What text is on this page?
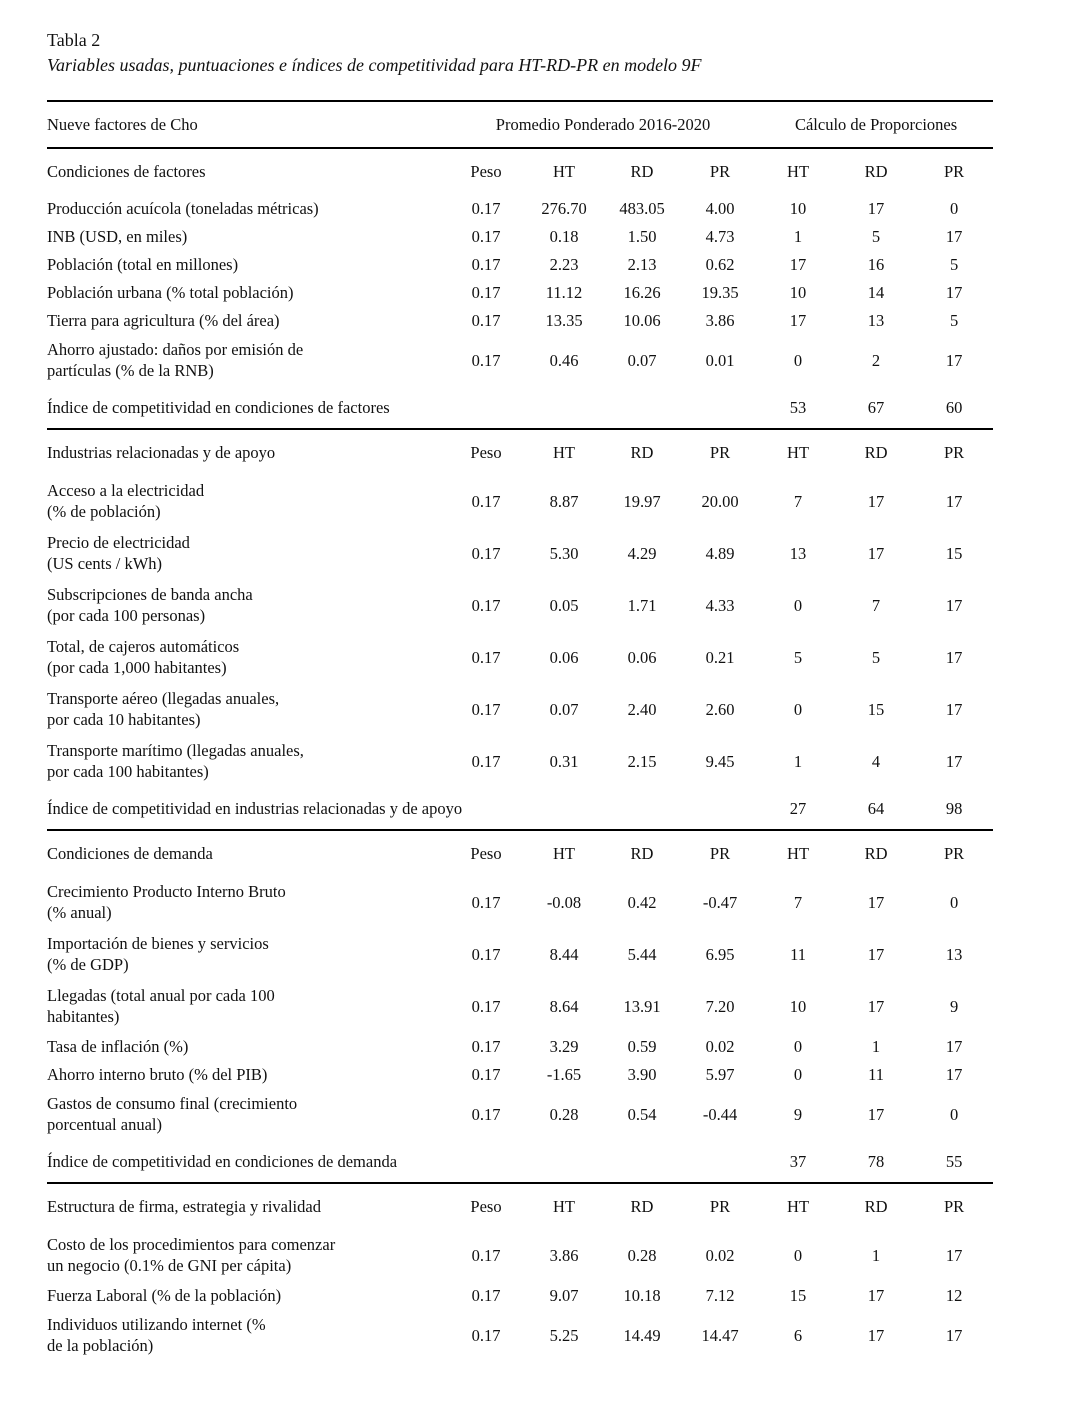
Tabla 2
Variables usadas, puntuaciones e índices de competitividad para HT-RD-PR en modelo 9F
Nueve factores de Cho	Promedio Ponderado 2016-2020				Cálculo de Proporciones		
Condiciones de factores	Peso	HT	RD	PR	HT	RD	PR

Producción acuícola (toneladas métricas)	0.17	276.70	483.05	4.00	10	17	0

INB (USD, en miles)	0.17	0.18	1.50	4.73	1	5	17

Población (total en millones)	0.17	2.23	2.13	0.62	17	16	5

Población urbana (% total población)	0.17	11.12	16.26	19.35	10	14	17

Tierra para agricultura (% del área)	0.17	13.35	10.06	3.86	17	13	5

Ahorro ajustado: daños por emisión de
partículas (% de la RNB)	0.17	0.46	0.07	0.01	0	2	17
Índice de competitividad en condiciones de factores					53	67	60
Industrias relacionadas y de apoyo	Peso	HT	RD	PR	HT	RD	PR

Acceso a la electricidad
(% de población)	0.17	8.87	19.97	20.00	7	17	17

Precio de electricidad
(US cents / kWh)	0.17	5.30	4.29	4.89	13	17	15

Subscripciones de banda ancha
(por cada 100 personas)	0.17	0.05	1.71	4.33	0	7	17

Total, de cajeros automáticos
(por cada 1,000 habitantes)	0.17	0.06	0.06	0.21	5	5	17

Transporte aéreo (llegadas anuales,
por cada 10 habitantes)	0.17	0.07	2.40	2.60	0	15	17

Transporte marítimo (llegadas anuales,
por cada 100 habitantes)	0.17	0.31	2.15	9.45	1	4	17
Índice de competitividad en industrias relacionadas y de apoyo					27	64	98
Condiciones de demanda	Peso	HT	RD	PR	HT	RD	PR

Crecimiento Producto Interno Bruto
(% anual)	0.17	-0.08	0.42	-0.47	7	17	0

Importación de bienes y servicios
(% de GDP)	0.17	8.44	5.44	6.95	11	17	13

Llegadas (total anual por cada 100
habitantes)	0.17	8.64	13.91	7.20	10	17	9

Tasa de inflación (%)	0.17	3.29	0.59	0.02	0	1	17

Ahorro interno bruto (% del PIB)	0.17	-1.65	3.90	5.97	0	11	17

Gastos de consumo final (crecimiento
porcentual anual)	0.17	0.28	0.54	-0.44	9	17	0
Índice de competitividad en condiciones de demanda					37	78	55
Estructura de firma, estrategia y rivalidad	Peso	HT	RD	PR	HT	RD	PR

Costo de los procedimientos para comenzar
un negocio (0.1% de GNI per cápita)	0.17	3.86	0.28	0.02	0	1	17

Fuerza Laboral (% de la población)	0.17	9.07	10.18	7.12	15	17	12

Individuos utilizando internet (%
de la población)	0.17	5.25	14.49	14.47	6	17	17
